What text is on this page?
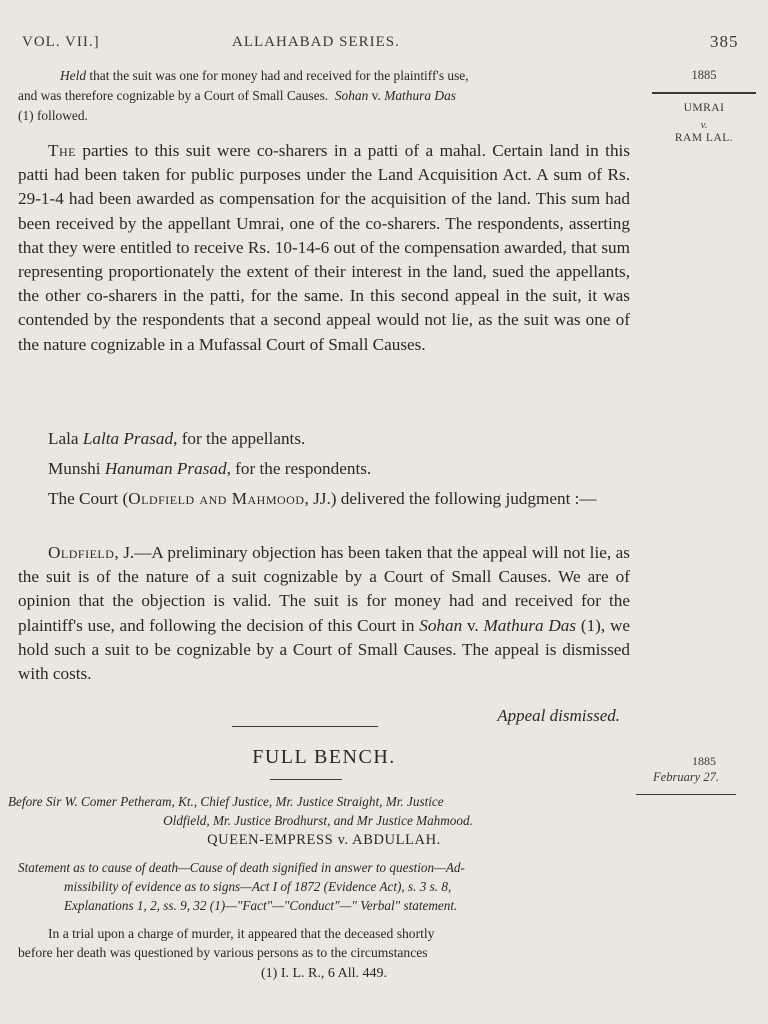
VOL. VII.]	ALLAHABAD SERIES.	385
1885
UMRAI
v.
RAM LAL.
Held that the suit was one for money had and received for the plaintiff's use,
and was therefore cognizable by a Court of Small Causes. Sohan v. Mathura Das
(1) followed.

The parties to this suit were co-sharers in a patti of a mahal. Certain land in this patti had been taken for public purposes under the Land Acquisition Act. A sum of Rs. 29-1-4 had been awarded as compensation for the acquisition of the land. This sum had been received by the appellant Umrai, one of the co-sharers. The respondents, asserting that they were entitled to receive Rs. 10-14-6 out of the compensation awarded, that sum representing proportionately the extent of their interest in the land, sued the appellants, the other co-sharers in the patti, for the same. In this second appeal in the suit, it was contended by the respondents that a second appeal would not lie, as the suit was one of the nature cognizable in a Mufassal Court of Small Causes.

Lala Lalta Prasad, for the appellants.

Munshi Hanuman Prasad, for the respondents.

The Court (Oldfield and Mahmood, JJ.) delivered the following judgment :—

Oldfield, J.—A preliminary objection has been taken that the appeal will not lie, as the suit is of the nature of a suit cognizable by a Court of Small Causes. We are of opinion that the objection is valid. The suit is for money had and received for the plaintiff's use, and following the decision of this Court in Sohan v. Mathura Das (1), we hold such a suit to be cognizable by a Court of Small Causes. The appeal is dismissed with costs.

Appeal dismissed.
FULL BENCH.	1885
February 27.
Before Sir W. Comer Petheram, Kt., Chief Justice, Mr. Justice Straight, Mr. Justice
Oldfield, Mr. Justice Brodhurst, and Mr Justice Mahmood.
QUEEN-EMPRESS v. ABDULLAH.
Statement as to cause of death—Cause of death signified in answer to question—Ad-
missibility of evidence as to signs—Act I of 1872 (Evidence Act), s. 3 s. 8,
Explanations 1, 2, ss. 9, 32 (1)—"Fact"—"Conduct"—" Verbal" statement.
In a trial upon a charge of murder, it appeared that the deceased shortly
before her death was questioned by various persons as to the circumstances
(1) I. L. R., 6 All. 449.
